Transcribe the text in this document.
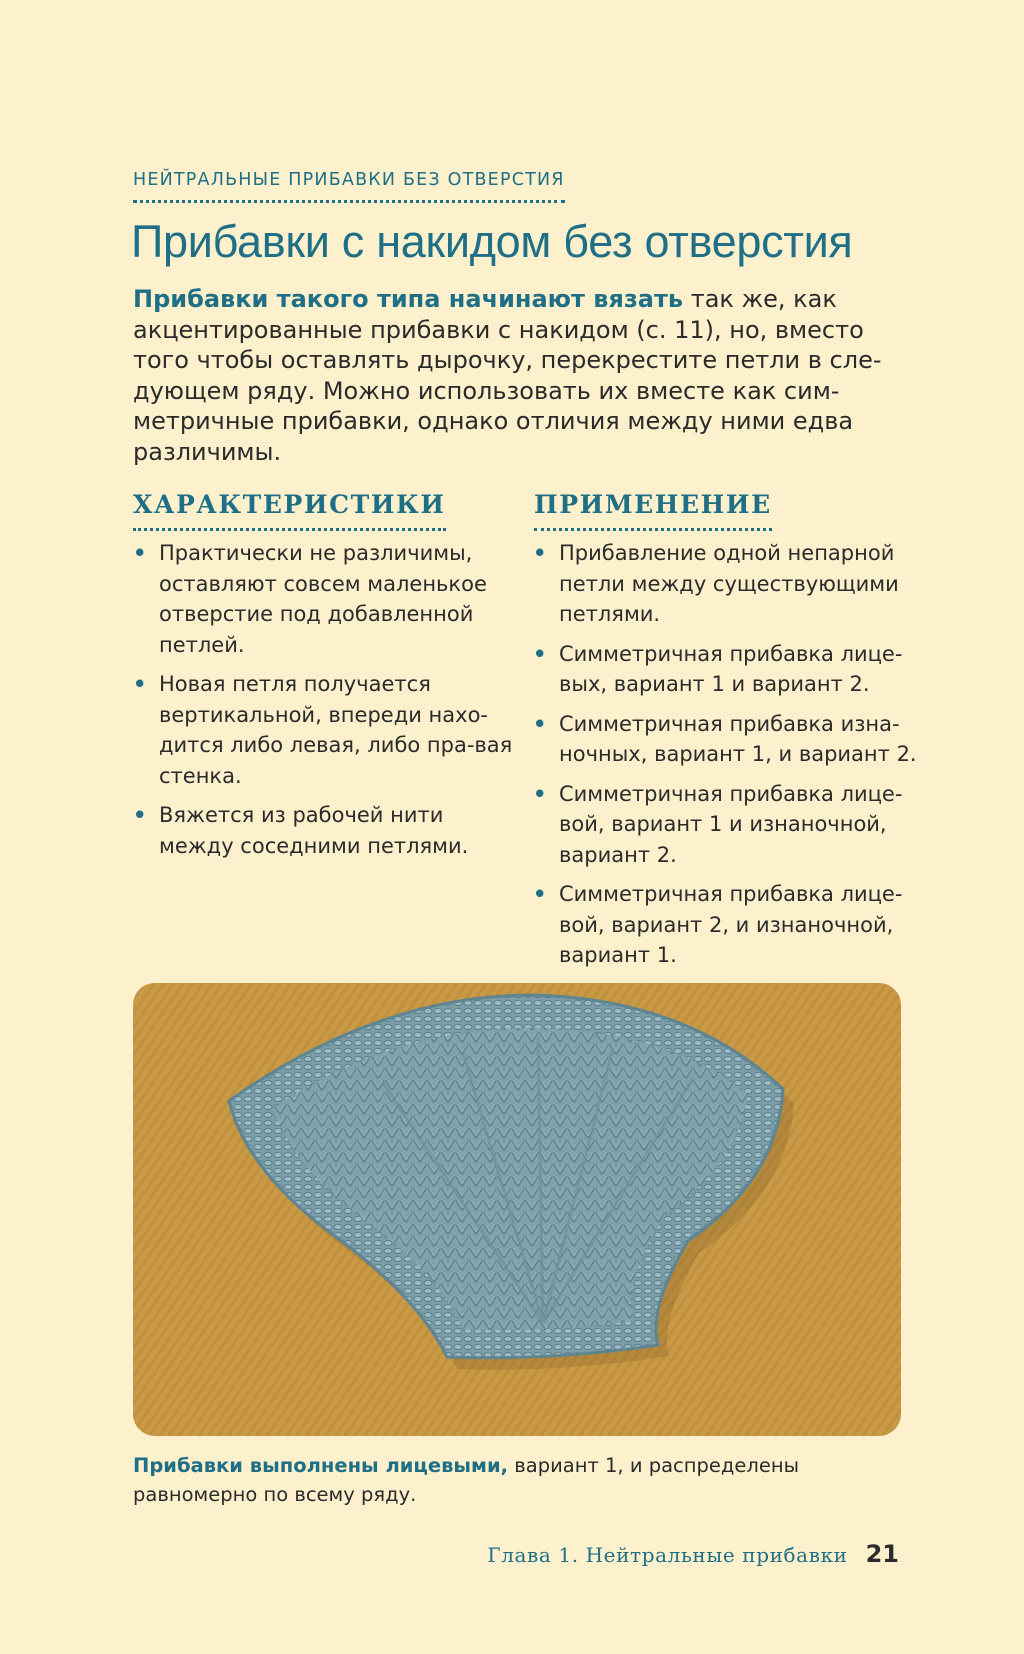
НЕЙТРАЛЬНЫЕ ПРИБАВКИ БЕЗ ОТВЕРСТИЯ
Прибавки с накидом без отверстия

Прибавки такого типа начинают вязать так же, как акцентированные прибавки с накидом (с. 11), но, вместо того чтобы оставлять дырочку, перекрестите петли в сле-дующем ряду. Можно использовать их вместе как сим-метричные прибавки, однако отличия между ними едва различимы.

ХАРАКТЕРИСТИКИ
• Практически не различимы, оставляют совсем маленькое отверстие под добавленной петлей.
• Новая петля получается вертикальной, впереди нахо-дится либо левая, либо пра-вая стенка.
• Вяжется из рабочей нити между соседними петлями.
ПРИМЕНЕНИЕ
• Прибавление одной непарной петли между существующими петлями.
• Симметричная прибавка лице-вых, вариант 1 и вариант 2.
• Симметричная прибавка изна-ночных, вариант 1, и вариант 2.
• Симметричная прибавка лице-вой, вариант 1 и изнаночной, вариант 2.
• Симметричная прибавка лице-вой, вариант 2, и изнаночной, вариант 1.

Прибавки выполнены лицевыми, вариант 1, и распределены равномерно по всему ряду.

Глава 1. Нейтральные прибавки 21
